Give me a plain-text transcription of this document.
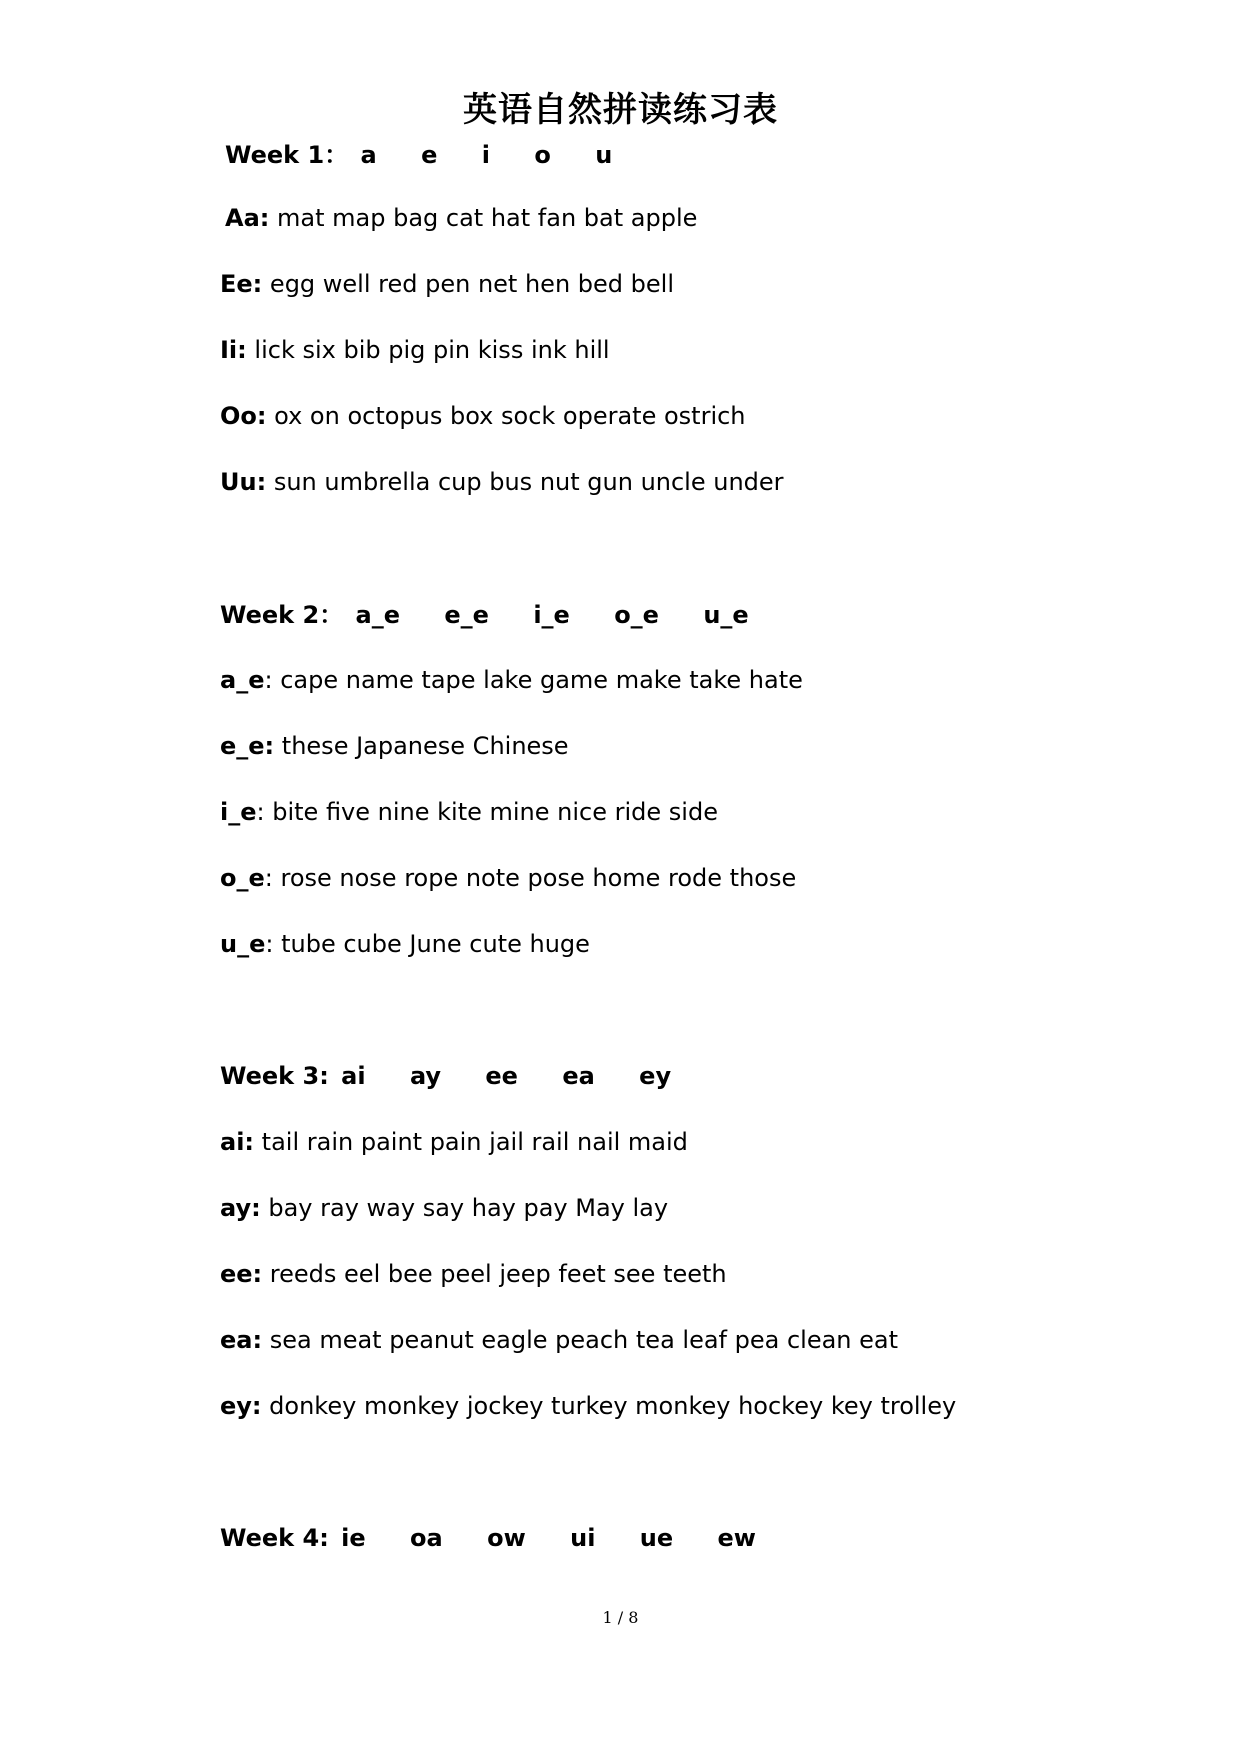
英语自然拼读练习表
Week 1： a e i o u
Aa: mat map bag cat hat fan bat apple
Ee: egg well red pen net hen bed bell
Ii: lick six bib pig pin kiss ink hill
Oo: ox on octopus box sock operate ostrich
Uu: sun umbrella cup bus nut gun uncle under
Week 2： a_e e_e i_e o_e u_e
a_e: cape name tape lake game make take hate
e_e: these Japanese Chinese
i_e: bite five nine kite mine nice ride side
o_e: rose nose rope note pose home rode those
u_e: tube cube June cute huge
Week 3: ai ay ee ea ey
ai: tail rain paint pain jail rail nail maid
ay: bay ray way say hay pay May lay
ee: reeds eel bee peel jeep feet see teeth
ea: sea meat peanut eagle peach tea leaf pea clean eat
ey: donkey monkey jockey turkey monkey hockey key trolley
Week 4: ie oa ow ui ue ew
1 / 8
